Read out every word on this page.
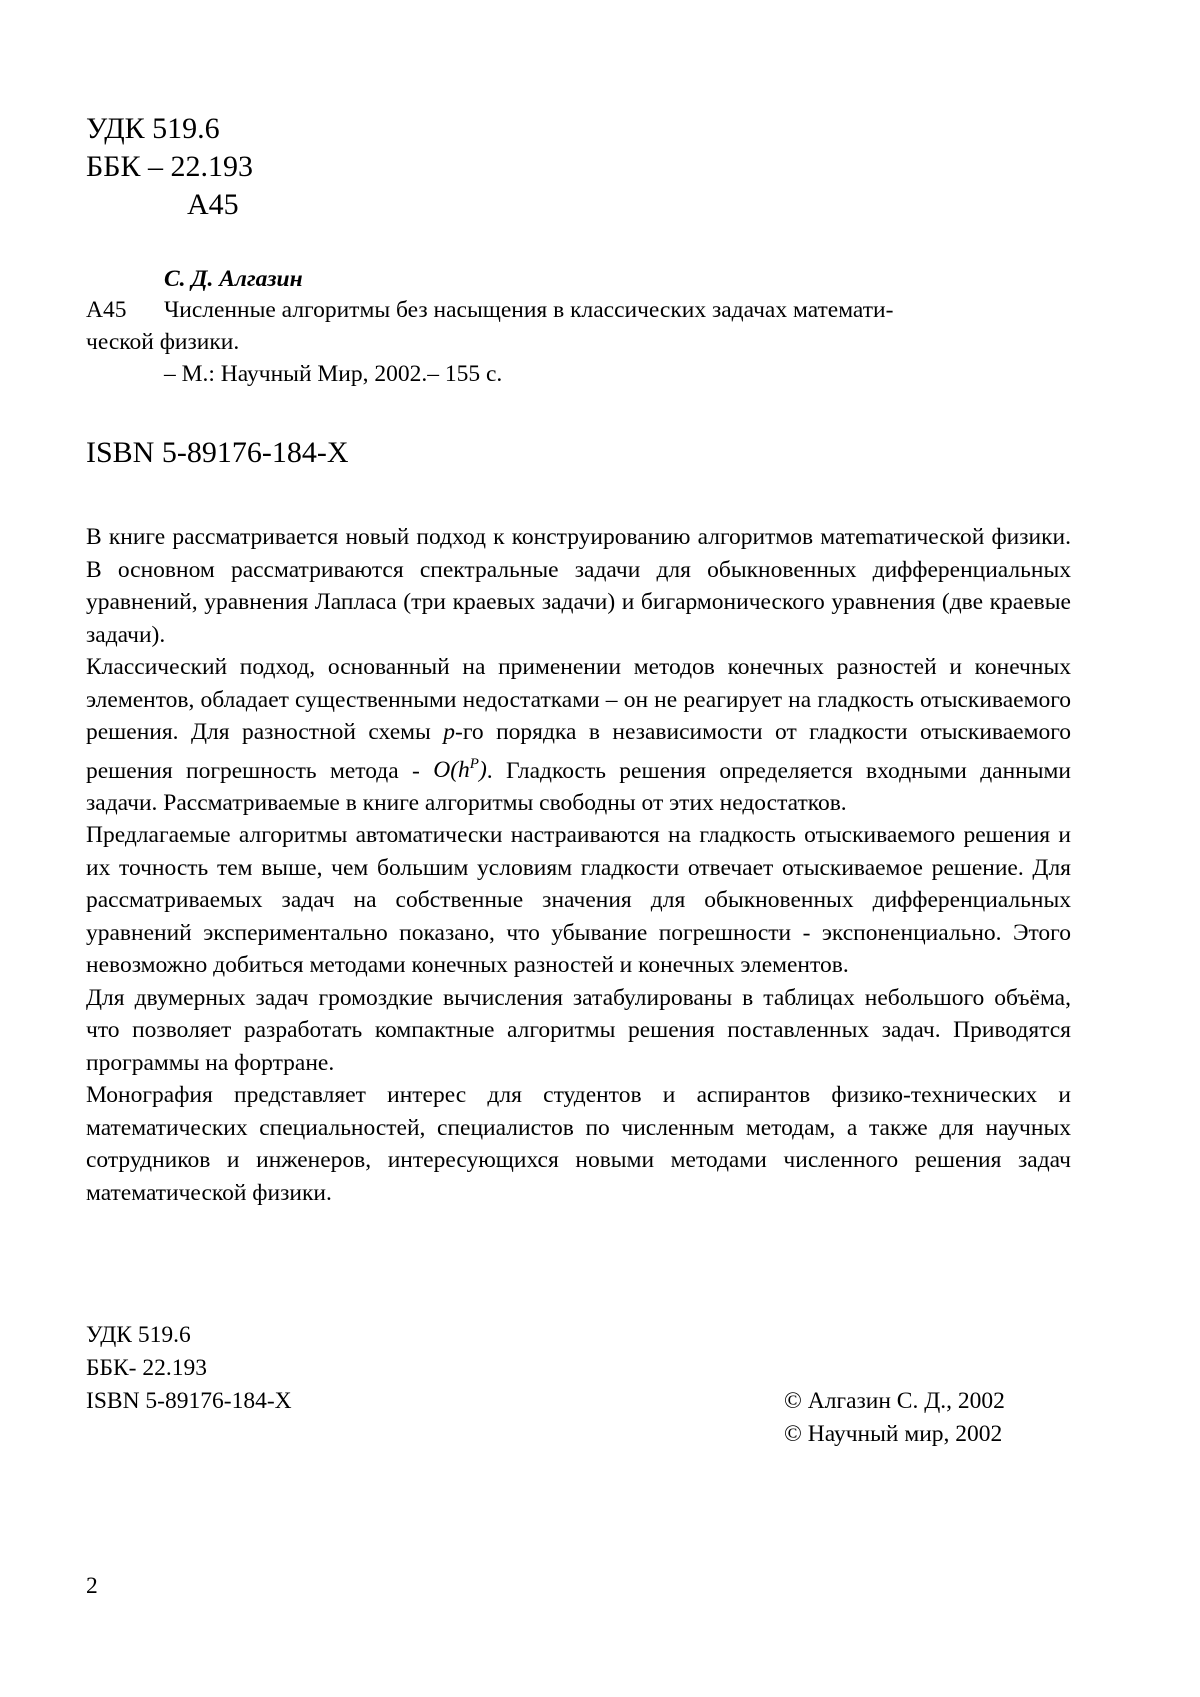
УДК 519.6
ББК – 22.193
А45
С. Д. Алгазин
А45 Численные алгоритмы без насыщения в классических задачах математи-
ческой физики.
– М.: Научный Мир, 2002.– 155 с.
ISBN 5-89176-184-X

В книге рассматривается новый подход к конструированию алгоритмов матеmатической физики. В основном рассматриваются спектральные задачи для обыкновенных дифференциальных уравнений, уравнения Лапласа (три краевых задачи) и бигармонического уравнения (две краевые задачи).

Классический подход, основанный на применении методов конечных разностей и конечных элементов, обладает существенными недостатками – он не реагирует на гладкость отыскиваемого решения. Для разностной схемы p-го порядка в независимости от гладкости отыскиваемого решения погрешность метода - $O(h^P)$. Гладкость решения определяется входными данными задачи. Рассматриваемые в книге алгоритмы свободны от этих недостатков.

Предлагаемые алгоритмы автоматически настраиваются на гладкость отыскиваемого решения и их точность тем выше, чем большим условиям гладкости отвечает отыскиваемое решение. Для рассматриваемых задач на собственные значения для обыкновенных дифференциальных уравнений экспериментально показано, что убывание погрешности - экспоненциально. Этого невозможно добиться методами конечных разностей и конечных элементов.

Для двумерных задач громоздкие вычисления затабулированы в таблицах небольшого объёма, что позволяет разработать компактные алгоритмы решения поставленных задач. Приводятся программы на фортране.

Монография представляет интерес для студентов и аспирантов физико-технических и математических специальностей, специалистов по численным методам, а также для научных сотрудников и инженеров, интересующихся новыми методами численного решения задач математической физики.

УДК 519.6
ББК- 22.193
ISBN 5-89176-184-X	© Алгазин С. Д., 2002
© Научный мир, 2002
2
